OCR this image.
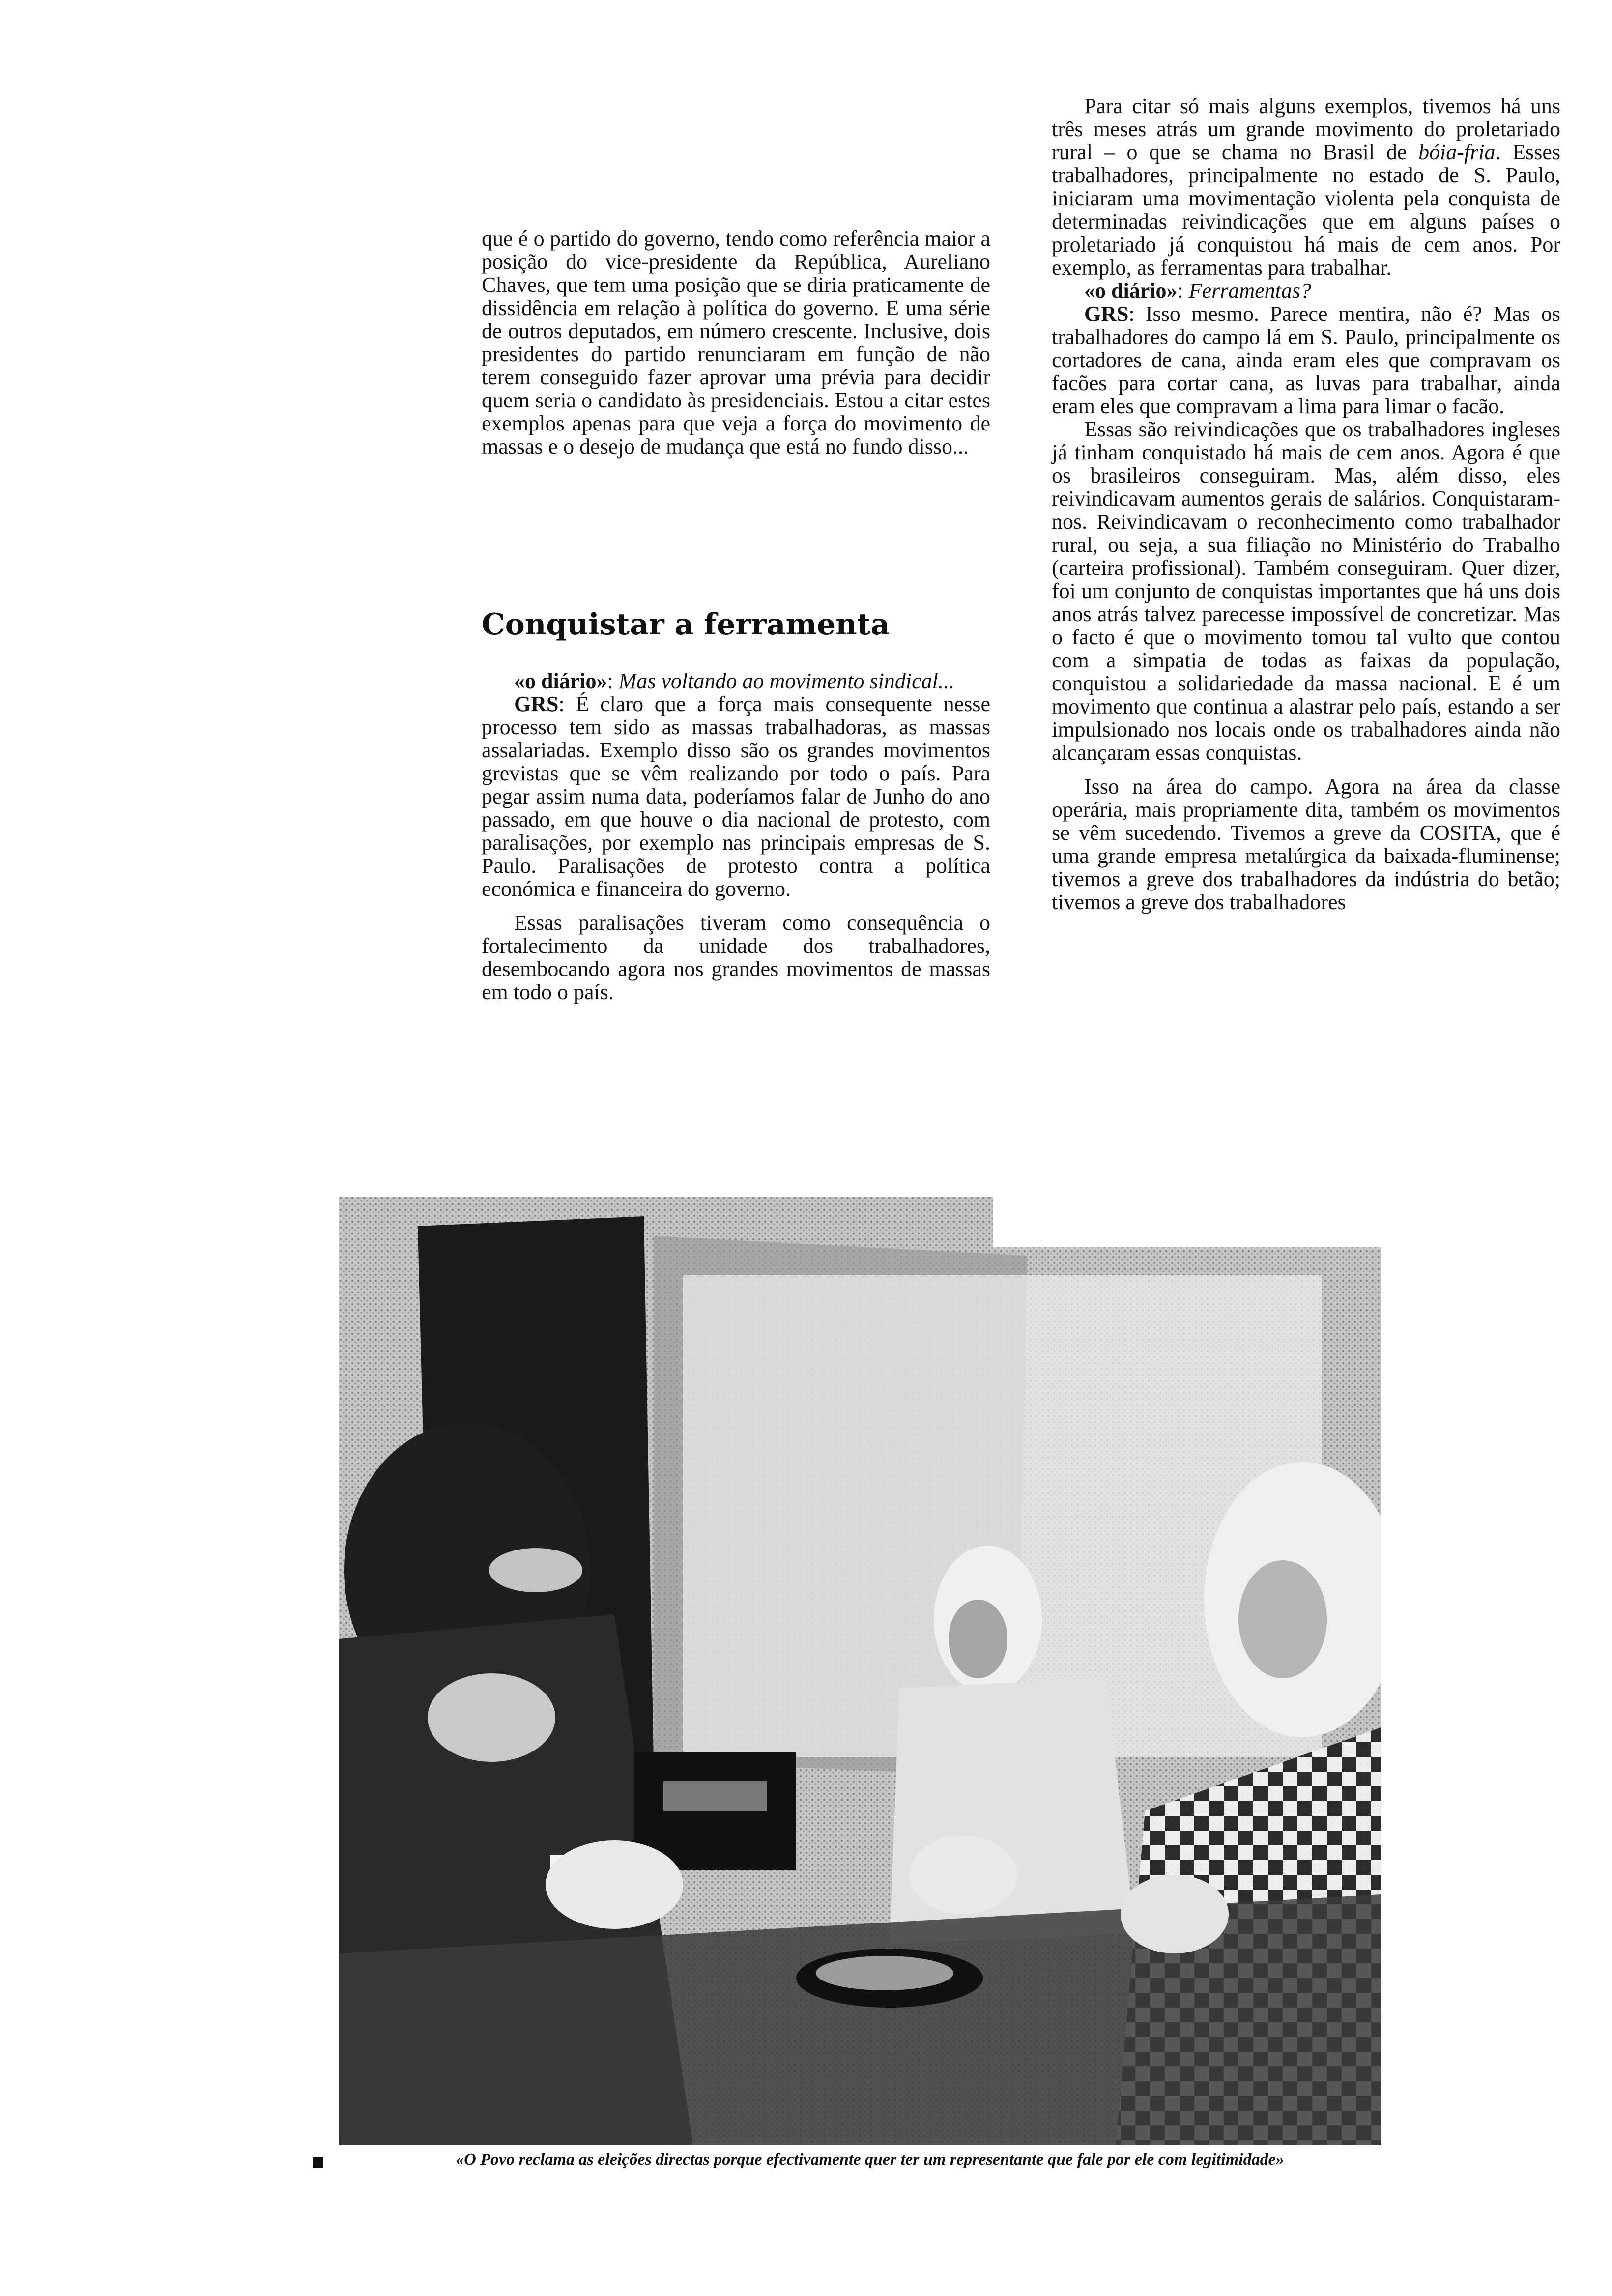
que é o partido do governo, tendo como referência maior a posição do vice-presidente da República, Aureliano Chaves, que tem uma posição que se diria praticamente de dissidência em relação à política do governo. E uma série de outros deputados, em número crescente. Inclusive, dois presidentes do partido renunciaram em função de não terem conseguido fazer aprovar uma prévia para decidir quem seria o candidato às presidenciais. Estou a citar estes exemplos apenas para que veja a força do movimento de massas e o desejo de mudança que está no fundo disso...

Conquistar a ferramenta

«o diário»: Mas voltando ao movimento sindical...

GRS: É claro que a força mais consequente nesse processo tem sido as massas trabalhadoras, as massas assalariadas. Exemplo disso são os grandes movimentos grevistas que se vêm realizando por todo o país. Para pegar assim numa data, poderíamos falar de Junho do ano passado, em que houve o dia nacional de protesto, com paralisações, por exemplo nas principais empresas de S. Paulo. Paralisações de protesto contra a política económica e financeira do governo.

Essas paralisações tiveram como consequência o fortalecimento da unidade dos trabalhadores, desembocando agora nos grandes movimentos de massas em todo o país.

Para citar só mais alguns exemplos, tivemos há uns três meses atrás um grande movimento do proletariado rural – o que se chama no Brasil de bóia-fria. Esses trabalhadores, principalmente no estado de S. Paulo, iniciaram uma movimentação violenta pela conquista de determinadas reivindicações que em alguns países o proletariado já conquistou há mais de cem anos. Por exemplo, as ferramentas para trabalhar.

«o diário»: Ferramentas?

GRS: Isso mesmo. Parece mentira, não é? Mas os trabalhadores do campo lá em S. Paulo, principalmente os cortadores de cana, ainda eram eles que compravam os facões para cortar cana, as luvas para trabalhar, ainda eram eles que compravam a lima para limar o facão.

Essas são reivindicações que os trabalhadores ingleses já tinham conquistado há mais de cem anos. Agora é que os brasileiros conseguiram. Mas, além disso, eles reivindicavam aumentos gerais de salários. Conquistaram-nos. Reivindicavam o reconhecimento como trabalhador rural, ou seja, a sua filiação no Ministério do Trabalho (carteira profissional). Também conseguiram. Quer dizer, foi um conjunto de conquistas importantes que há uns dois anos atrás talvez parecesse impossível de concretizar. Mas o facto é que o movimento tomou tal vulto que contou com a simpatia de todas as faixas da população, conquistou a solidariedade da massa nacional. E é um movimento que continua a alastrar pelo país, estando a ser impulsionado nos locais onde os trabalhadores ainda não alcançaram essas conquistas.

Isso na área do campo. Agora na área da classe operária, mais propriamente dita, também os movimentos se vêm sucedendo. Tivemos a greve da COSITA, que é uma grande empresa metalúrgica da baixada-fluminense; tivemos a greve dos trabalhadores da indústria do betão; tivemos a greve dos trabalhadores

«O Povo reclama as eleições directas porque efectivamente quer ter um representante que fale por ele com legitimidade»
